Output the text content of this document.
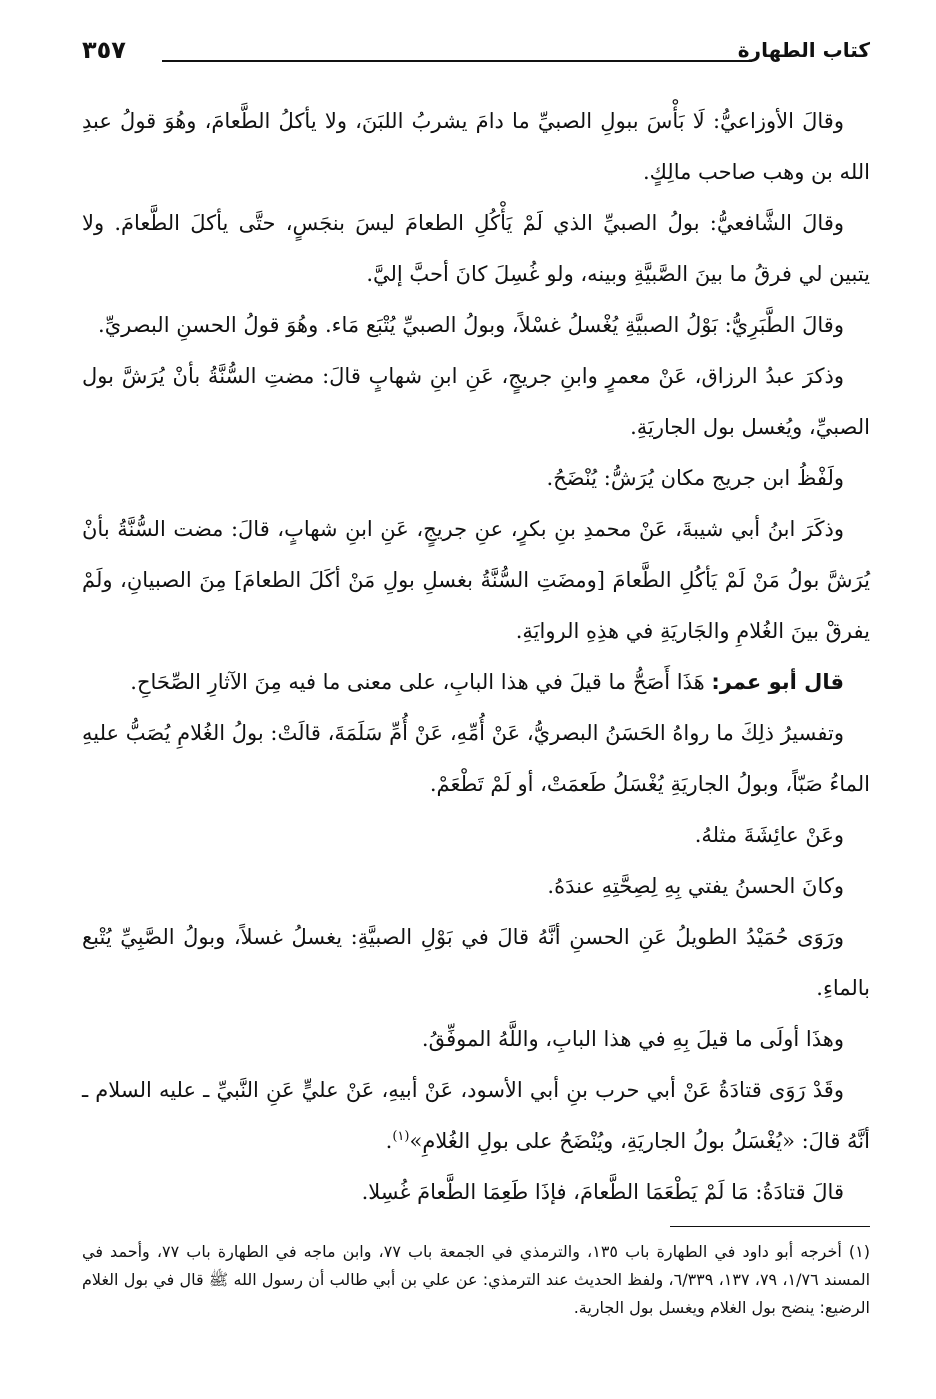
كتاب الطهارة
٣٥٧

وقالَ الأوزاعيُّ: لَا بَأْسَ ببولِ الصبيِّ ما دامَ يشربُ اللبَنَ، ولا يأكلُ الطَّعامَ، وهُوَ قولُ عبدِ الله بن وهب صاحب مالِكٍ.

وقالَ الشَّافعيُّ: بولُ الصبيِّ الذي لَمْ يَأْكُلِ الطعامَ ليسَ بنجَسٍ، حتَّى يأكلَ الطَّعامَ. ولا يتبين لي فرقُ ما بينَ الصَّبيَّةِ وبينه، ولو غُسِلَ كانَ أحبَّ إليَّ.

وقالَ الطَّبَرِيُّ: بَوْلُ الصبيَّةِ يُغْسلُ غسْلاً، وبولُ الصبيِّ يُتْبَع مَاء. وهُوَ قولُ الحسنِ البصريِّ.

وذكرَ عبدُ الرزاق، عَنْ معمرٍ وابنِ جريجٍ، عَنِ ابنِ شهابٍ قالَ: مضتِ السُّنَّةُ بأنْ يُرَشَّ بول الصبيِّ، ويُغسل بول الجاريَةِ.

ولَفْظُ ابن جريج مكان يُرَشُّ: يُنْضَحُ.

وذكَرَ ابنُ أبي شيبةَ، عَنْ محمدِ بنِ بكرٍ، عنِ جريجٍ، عَنِ ابنِ شهابٍ، قالَ: مضت السُّنَّةُ بأنْ يُرَشَّ بولُ مَنْ لَمْ يَأكُلِ الطَّعامَ [ومضَتِ السُّنَّةُ بغسلِ بولِ مَنْ أكَلَ الطعامَ] مِنَ الصبيانِ، ولَمْ يفرقْ بينَ الغُلامِ والجَاريَةِ في هذِهِ الروايَةِ.

قال أبو عمر: هَذَا أَصَحُّ ما قيلَ في هذا البابِ، على معنى ما فيه مِنَ الآثارِ الصِّحَاحِ.

وتفسيرُ ذلِكَ ما رواهُ الحَسَنُ البصريُّ، عَنْ أُمِّهِ، عَنْ أُمِّ سَلَمَةَ، قالَتْ: بولُ الغُلامِ يُصَبُّ عليهِ الماءُ صَبّاً، وبولُ الجاريَةِ يُغْسَلُ طَعمَتْ، أو لَمْ تَطْعَمْ.

وعَنْ عائِشَةَ مثلهُ.

وكانَ الحسنُ يفتي بِهِ لِصِحَّتِهِ عندَهُ.

ورَوَى حُمَيْدُ الطويلُ عَنِ الحسنِ أنَّهُ قالَ في بَوْلِ الصبيَّةِ: يغسلُ غسلاً، وبولُ الصَّبِيِّ يُتْبع بالماءِ.

وهذَا أولَى ما قيلَ بِهِ في هذا البابِ، واللَّهُ الموفِّقُ.

وقَدْ رَوَى قتادَةُ عَنْ أبي حرب بنِ أبي الأسود، عَنْ أبيهِ، عَنْ عليٍّ عَنِ النَّبيِّ ـ عليه السلام ـ أنَّهُ قالَ: «يُغْسَلُ بولُ الجاريَةِ، ويُنْضَحُ على بولِ الغُلامِ»$^{(١)}$.

قالَ قتادَةُ: مَا لَمْ يَطْعَمَا الطَّعامَ، فإذَا طَعِمَا الطَّعامَ غُسِلا.

(١) أخرجه أبو داود في الطهارة باب ١٣٥، والترمذي في الجمعة باب ٧٧، وابن ماجه في الطهارة باب ٧٧، وأحمد في المسند ١/٧٦، ٧٩، ١٣٧، ٦/٣٣٩، ولفظ الحديث عند الترمذي: عن علي بن أبي طالب أن رسول الله ﷺ قال في بول الغلام الرضيع: ينضح بول الغلام ويغسل بول الجارية.
